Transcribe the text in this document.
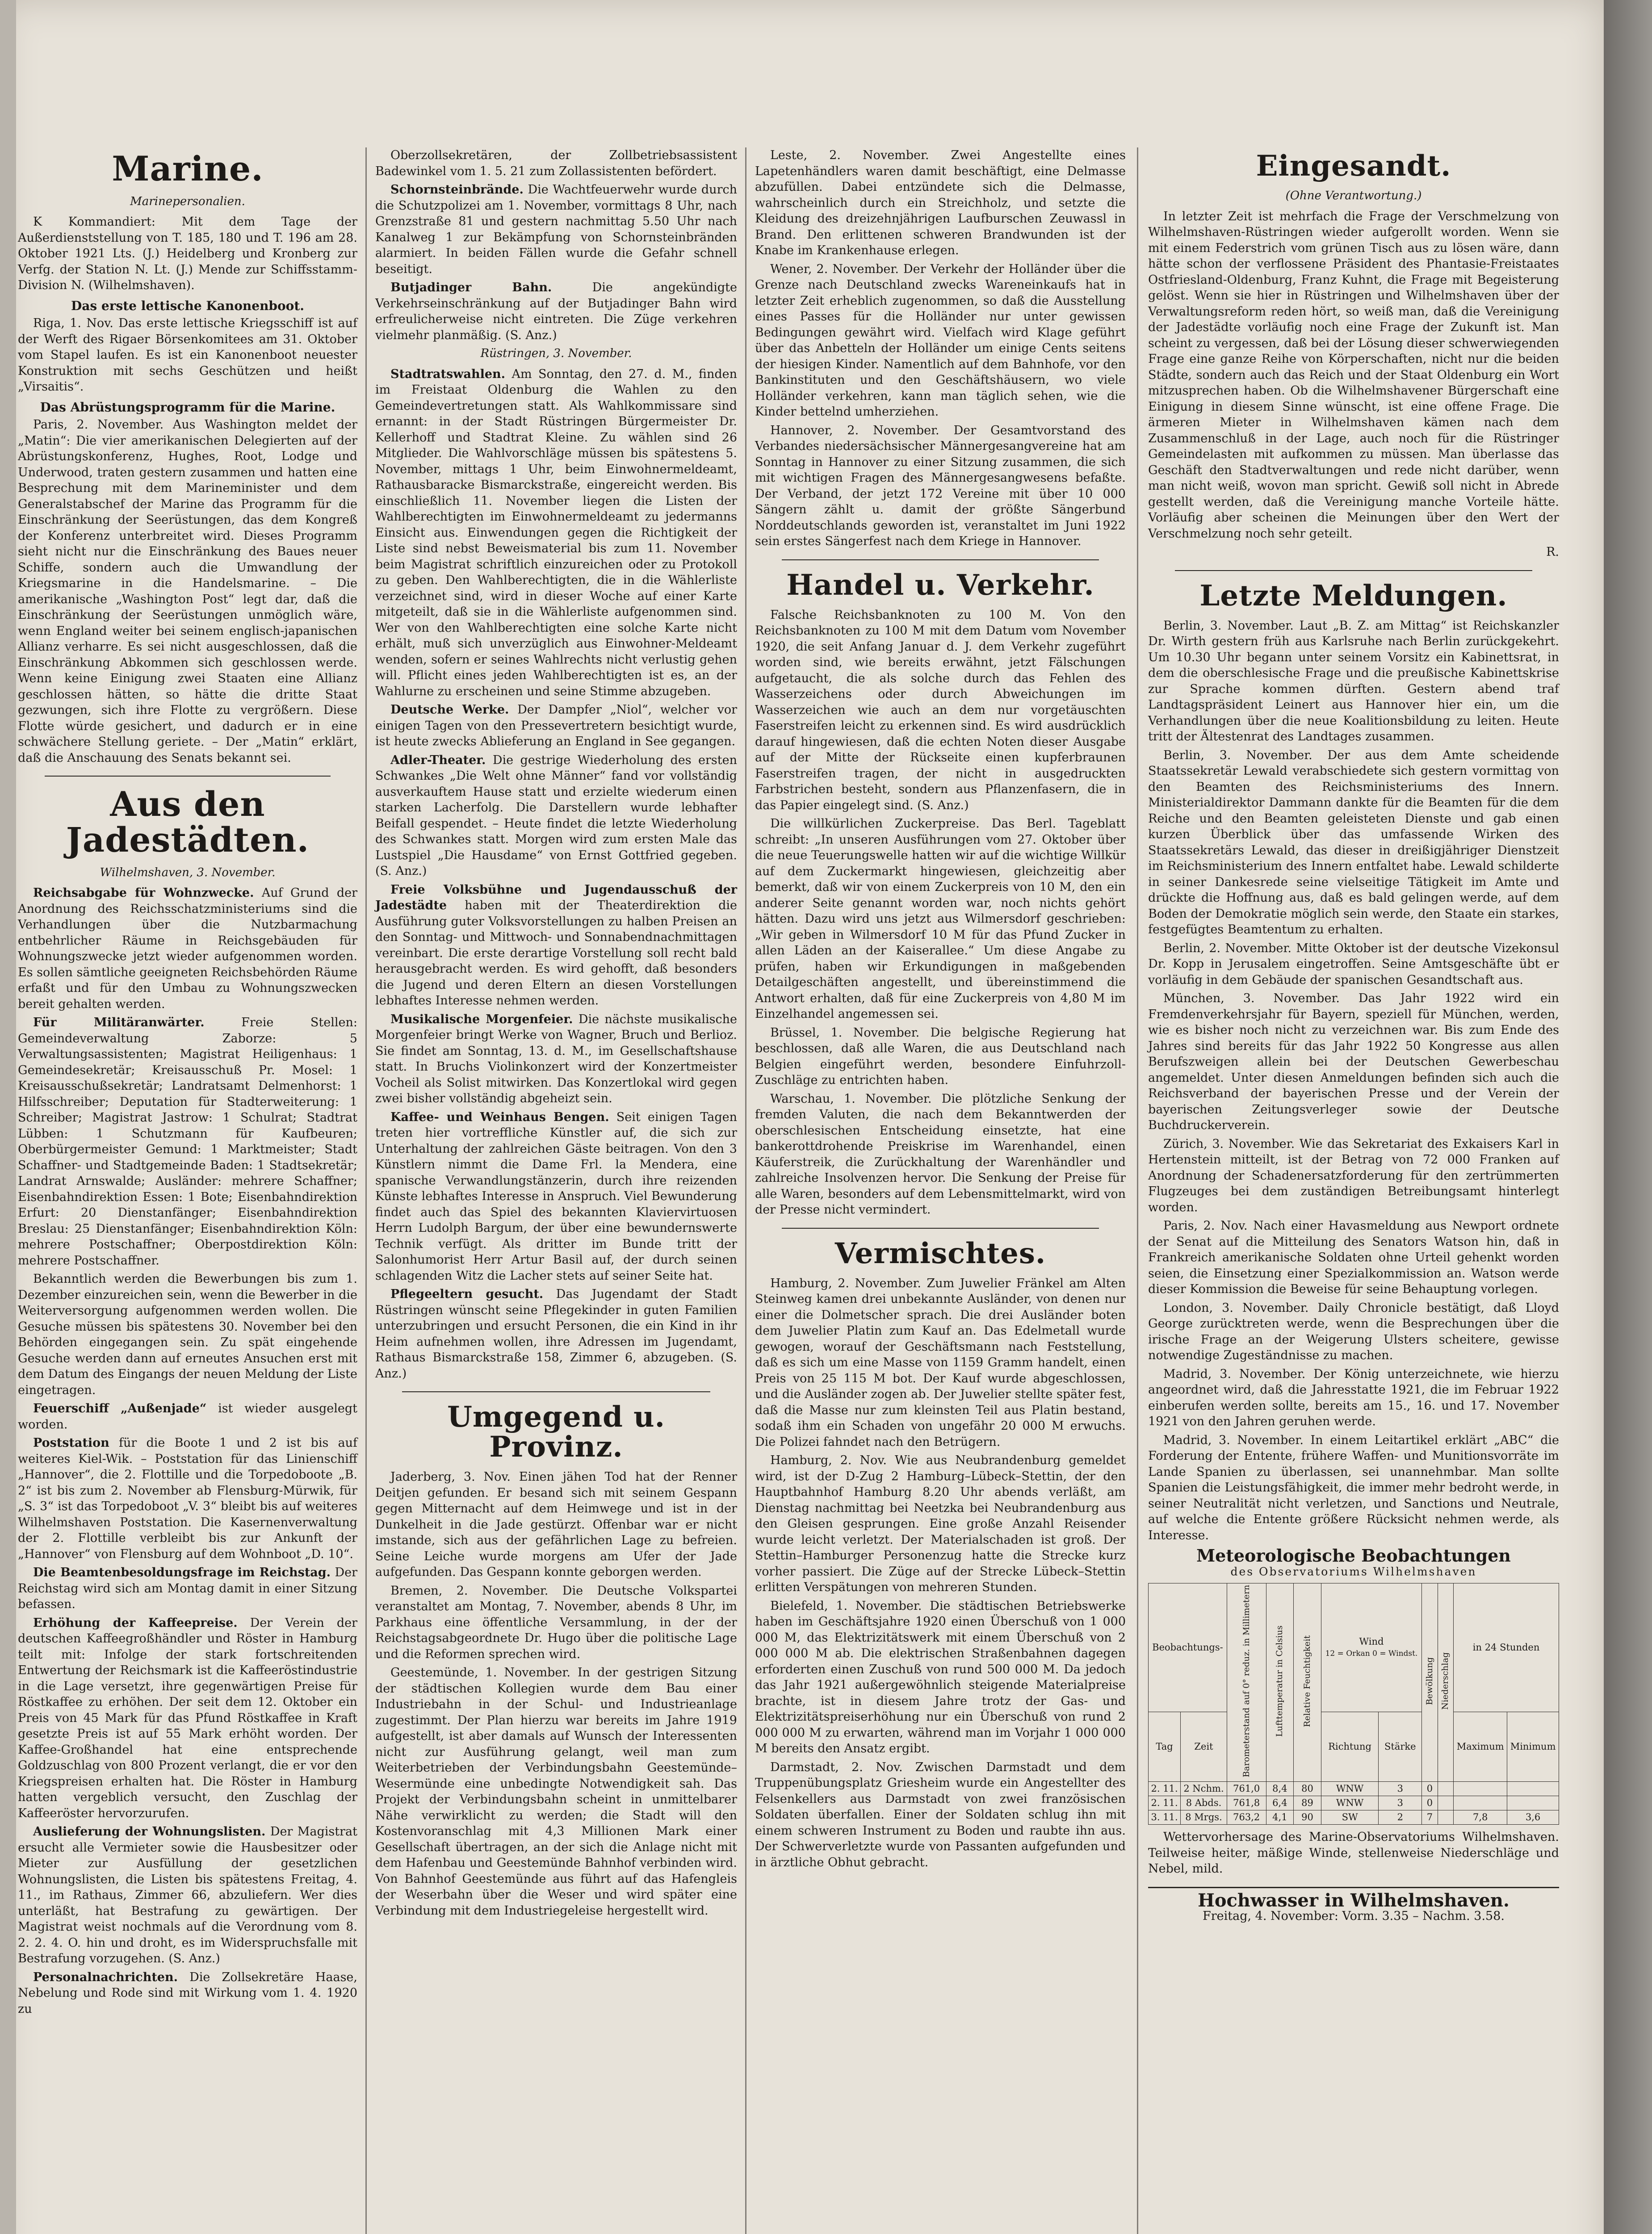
Marine.
Marinepersonalien.

K Kommandiert: Mit dem Tage der Außerdienststellung von T. 185, 180 und T. 196 am 28. Oktober 1921 Lts. (J.) Heidelberg und Kronberg zur Verfg. der Station N. Lt. (J.) Mende zur Schiffsstamm-Division N. (Wilhelmshaven).

Das erste lettische Kanonenboot.

Riga, 1. Nov. Das erste lettische Kriegsschiff ist auf der Werft des Rigaer Börsenkomitees am 31. Oktober vom Stapel laufen. Es ist ein Kanonenboot neuester Konstruktion mit sechs Geschützen und heißt „Virsaitis“.

Das Abrüstungsprogramm für die Marine.

Paris, 2. November. Aus Washington meldet der „Matin“: Die vier amerikanischen Delegierten auf der Abrüstungskonferenz, Hughes, Root, Lodge und Underwood, traten gestern zusammen und hatten eine Besprechung mit dem Marineminister und dem Generalstabschef der Marine das Programm für die Einschränkung der Seerüstungen, das dem Kongreß der Konferenz unterbreitet wird. Dieses Programm sieht nicht nur die Einschränkung des Baues neuer Schiffe, sondern auch die Umwandlung der Kriegsmarine in die Handelsmarine. – Die amerikanische „Washington Post“ legt dar, daß die Einschränkung der Seerüstungen unmöglich wäre, wenn England weiter bei seinem englisch-japanischen Allianz verharre. Es sei nicht ausgeschlossen, daß die Einschränkung Abkommen sich geschlossen werde. Wenn keine Einigung zwei Staaten eine Allianz geschlossen hätten, so hätte die dritte Staat gezwungen, sich ihre Flotte zu vergrößern. Diese Flotte würde gesichert, und dadurch er in eine schwächere Stellung geriete. – Der „Matin“ erklärt, daß die Anschauung des Senats bekannt sei.

Aus den Jadestädten.
Wilhelmshaven, 3. November.

Reichsabgabe für Wohnzwecke. Auf Grund der Anordnung des Reichsschatzministeriums sind die Verhandlungen über die Nutzbarmachung entbehrlicher Räume in Reichsgebäuden für Wohnungszwecke jetzt wieder aufgenommen worden. Es sollen sämtliche geeigneten Reichsbehörden Räume erfaßt und für den Umbau zu Wohnungszwecken bereit gehalten werden.

Für Militäranwärter.	Freie Stellen: Gemeindeverwaltung Zaborze: 5 Verwaltungsassistenten; Magistrat Heiligenhaus: 1 Gemeindesekretär; Kreisausschuß Pr. Mosel: 1 Kreisausschußsekretär; Landratsamt Delmenhorst: 1 Hilfsschreiber; Deputation für Stadterweiterung: 1 Schreiber; Magistrat Jastrow: 1 Schulrat; Stadtrat Lübben: 1 Schutzmann für Kaufbeuren; Oberbürgermeister Gemund: 1 Marktmeister; Stadt Schaffner- und Stadtgemeinde Baden: 1 Stadtsekretär; Landrat Arnswalde; Ausländer: mehrere Schaffner; Eisenbahndirektion Essen: 1 Bote; Eisenbahndirektion Erfurt: 20 Dienstanfänger; Eisenbahndirektion Breslau: 25 Dienstanfänger; Eisenbahndirektion Köln: mehrere Postschaffner; Oberpostdirektion Köln: mehrere Postschaffner.

Bekanntlich werden die Bewerbungen bis zum 1. Dezember einzureichen sein, wenn die Bewerber in die Weiterversorgung aufgenommen werden wollen. Die Gesuche müssen bis spätestens 30. November bei den Behörden eingegangen sein. Zu spät eingehende Gesuche werden dann auf erneutes Ansuchen erst mit dem Datum des Eingangs der neuen Meldung der Liste eingetragen.

Feuerschiff „Außenjade“ ist wieder ausgelegt worden.

Poststation für die Boote 1 und 2 ist bis auf weiteres Kiel-Wik. – Poststation für das Linienschiff „Hannover“, die 2. Flottille und die Torpedoboote „B. 2“ ist bis zum 2. November ab Flensburg-Mürwik, für „S. 3“ ist das Torpedoboot „V. 3“ bleibt bis auf weiteres Wilhelmshaven Poststation. Die Kasernenverwaltung der 2. Flottille verbleibt bis zur Ankunft der „Hannover“ von Flensburg auf dem Wohnboot „D. 10“.

Die Beamtenbesoldungsfrage im Reichstag. Der Reichstag wird sich am Montag damit in einer Sitzung befassen.

Erhöhung der Kaffeepreise. Der Verein der deutschen Kaffeegroßhändler und Röster in Hamburg teilt mit: Infolge der stark fortschreitenden Entwertung der Reichsmark ist die Kaffeeröstindustrie in die Lage versetzt, ihre gegenwärtigen Preise für Röstkaffee zu erhöhen. Der seit dem 12. Oktober ein Preis von 45 Mark für das Pfund Röstkaffee in Kraft gesetzte Preis ist auf 55 Mark erhöht worden. Der Kaffee-Großhandel hat eine entsprechende Goldzuschlag von 800 Prozent verlangt, die er vor den Kriegspreisen erhalten hat. Die Röster in Hamburg hatten vergeblich versucht, den Zuschlag der Kaffeeröster hervorzurufen.

Auslieferung der Wohnungslisten. Der Magistrat ersucht alle Vermieter sowie die Hausbesitzer oder Mieter zur Ausfüllung der gesetzlichen Wohnungslisten, die Listen bis spätestens Freitag, 4. 11., im Rathaus, Zimmer 66, abzuliefern. Wer dies unterläßt, hat Bestrafung zu gewärtigen. Der Magistrat weist nochmals auf die Verordnung vom 8. 2. 2. 4. O. hin und droht, es im Widerspruchsfalle mit Bestrafung vorzugehen. (S. Anz.)

Personalnachrichten. Die Zollsekretäre Haase, Nebelung und Rode sind mit Wirkung vom 1. 4. 1920 zu

Oberzollsekretären, der Zollbetriebsassistent Badewinkel vom 1. 5. 21 zum Zollassistenten befördert.

Schornsteinbrände. Die Wachtfeuerwehr wurde durch die Schutzpolizei am 1. November, vormittags 8 Uhr, nach Grenzstraße 81 und gestern nachmittag 5.50 Uhr nach Kanalweg 1 zur Bekämpfung von Schornsteinbränden alarmiert. In beiden Fällen wurde die Gefahr schnell beseitigt.

Butjadinger Bahn.	Die angekündigte Verkehrseinschränkung auf der Butjadinger Bahn wird erfreulicherweise nicht eintreten. Die Züge verkehren vielmehr planmäßig. (S. Anz.)

Rüstringen, 3. November.

Stadtratswahlen. Am Sonntag, den 27. d. M., finden im Freistaat Oldenburg die Wahlen zu den Gemeindevertretungen statt. Als Wahlkommissare sind ernannt: in der Stadt Rüstringen Bürgermeister Dr. Kellerhoff und Stadtrat Kleine. Zu wählen sind 26 Mitglieder. Die Wahlvorschläge müssen bis spätestens 5. November, mittags 1 Uhr, beim Einwohnermeldeamt, Rathausbaracke Bismarckstraße, eingereicht werden. Bis einschließlich 11. November liegen die Listen der Wahlberechtigten im Einwohnermeldeamt zu jedermanns Einsicht aus. Einwendungen gegen die Richtigkeit der Liste sind nebst Beweismaterial bis zum 11. November beim Magistrat schriftlich einzureichen oder zu Protokoll zu geben. Den Wahlberechtigten, die in die Wählerliste verzeichnet sind, wird in dieser Woche auf einer Karte mitgeteilt, daß sie in die Wählerliste aufgenommen sind. Wer von den Wahlberechtigten eine solche Karte nicht erhält, muß sich unverzüglich aus Einwohner-Meldeamt wenden, sofern er seines Wahlrechts nicht verlustig gehen will. Pflicht eines jeden Wahlberechtigten ist es, an der Wahlurne zu erscheinen und seine Stimme abzugeben.

Deutsche Werke. Der Dampfer „Niol“, welcher vor einigen Tagen von den Pressevertretern besichtigt wurde, ist heute zwecks Ablieferung an England in See gegangen.

Adler-Theater. Die gestrige Wiederholung des ersten Schwankes „Die Welt ohne Männer“ fand vor vollständig ausverkauftem Hause statt und erzielte wiederum einen starken Lacherfolg. Die Darstellern wurde lebhafter Beifall gespendet. – Heute findet die letzte Wiederholung des Schwankes statt. Morgen wird zum ersten Male das Lustspiel „Die Hausdame“ von Ernst Gottfried gegeben. (S. Anz.)

Freie Volksbühne und Jugendausschuß der Jadestädte haben mit der Theaterdirektion die Ausführung guter Volksvorstellungen zu halben Preisen an den Sonntag- und Mittwoch- und Sonnabendnachmittagen vereinbart. Die erste derartige Vorstellung soll recht bald herausgebracht werden. Es wird gehofft, daß besonders die Jugend und deren Eltern an diesen Vorstellungen lebhaftes Interesse nehmen werden.

Musikalische Morgenfeier. Die nächste musikalische Morgenfeier bringt Werke von Wagner, Bruch und Berlioz. Sie findet am Sonntag, 13. d. M., im Gesellschaftshause statt. In Bruchs Violinkonzert wird der Konzertmeister Vocheil als Solist mitwirken. Das Konzertlokal wird gegen zwei bisher vollständig abgeheizt sein.

Kaffee- und Weinhaus Bengen. Seit einigen Tagen treten hier vortreffliche Künstler auf, die sich zur Unterhaltung der zahlreichen Gäste beitragen. Von den 3 Künstlern nimmt die Dame Frl. la Mendera, eine spanische Verwandlungstänzerin, durch ihre reizenden Künste lebhaftes Interesse in Anspruch. Viel Bewunderung findet auch das Spiel des bekannten Klaviervirtuosen Herrn Ludolph Bargum, der über eine bewundernswerte Technik verfügt. Als dritter im Bunde tritt der Salonhumorist Herr Artur Basil auf, der durch seinen schlagenden Witz die Lacher stets auf seiner Seite hat.

Pflegeeltern gesucht. Das Jugendamt der Stadt Rüstringen wünscht seine Pflegekinder in guten Familien unterzubringen und ersucht Personen, die ein Kind in ihr Heim aufnehmen wollen, ihre Adressen im Jugendamt, Rathaus Bismarckstraße 158, Zimmer 6, abzugeben. (S. Anz.)

Umgegend u. Provinz.

Jaderberg, 3. Nov. Einen jähen Tod hat der Renner Deitjen gefunden. Er besand sich mit seinem Gespann gegen Mitternacht auf dem Heimwege und ist in der Dunkelheit in die Jade gestürzt. Offenbar war er nicht imstande, sich aus der gefährlichen Lage zu befreien. Seine Leiche wurde morgens am Ufer der Jade aufgefunden. Das Gespann konnte geborgen werden.

Bremen, 2. November. Die Deutsche Volkspartei veranstaltet am Montag, 7. November, abends 8 Uhr, im Parkhaus eine öffentliche Versammlung, in der der Reichstagsabgeordnete Dr. Hugo über die politische Lage und die Reformen sprechen wird.

Geestemünde, 1. November. In der gestrigen Sitzung der städtischen Kollegien wurde dem Bau einer Industriebahn in der Schul- und Industrieanlage zugestimmt. Der Plan hierzu war bereits im Jahre 1919 aufgestellt, ist aber damals auf Wunsch der Interessenten nicht zur Ausführung gelangt, weil man zum Weiterbetrieben der Verbindungsbahn Geestemünde–Wesermünde eine unbedingte Notwendigkeit sah. Das Projekt der Verbindungsbahn scheint in unmittelbarer Nähe verwirklicht zu werden; die Stadt will den Kostenvoranschlag mit 4,3 Millionen Mark einer Gesellschaft übertragen, an der sich die Anlage nicht mit dem Hafenbau und Geestemünde Bahnhof verbinden wird. Von Bahnhof Geestemünde aus führt auf das Hafengleis der Weserbahn über die Weser und wird später eine Verbindung mit dem Industriegeleise hergestellt wird.

Leste, 2. November. Zwei Angestellte eines Lapetenhändlers waren damit beschäftigt, eine Delmasse abzufüllen. Dabei entzündete sich die Delmasse, wahrscheinlich durch ein Streichholz, und setzte die Kleidung des dreizehnjährigen Laufburschen Zeuwassl in Brand. Den erlittenen schweren Brandwunden ist der Knabe im Krankenhause erlegen.

Wener, 2. November. Der Verkehr der Holländer über die Grenze nach Deutschland zwecks Wareneinkaufs hat in letzter Zeit erheblich zugenommen, so daß die Ausstellung eines Passes für die Holländer nur unter gewissen Bedingungen gewährt wird. Vielfach wird Klage geführt über das Anbetteln der Holländer um einige Cents seitens der hiesigen Kinder. Namentlich auf dem Bahnhofe, vor den Bankinstituten und den Geschäftshäusern, wo viele Holländer verkehren, kann man täglich sehen, wie die Kinder bettelnd umherziehen.

Hannover, 2. November. Der Gesamtvorstand des Verbandes niedersächsischer Männergesangvereine hat am Sonntag in Hannover zu einer Sitzung zusammen, die sich mit wichtigen Fragen des Männergesangwesens befaßte. Der Verband, der jetzt 172 Vereine mit über 10 000 Sängern zählt u. damit der größte Sängerbund Norddeutschlands geworden ist, veranstaltet im Juni 1922 sein erstes Sängerfest nach dem Kriege in Hannover.

Handel u. Verkehr.

Falsche Reichsbanknoten zu 100 M. Von den Reichsbanknoten zu 100 M mit dem Datum vom November 1920, die seit Anfang Januar d. J. dem Verkehr zugeführt worden sind, wie bereits erwähnt, jetzt Fälschungen aufgetaucht, die als solche durch das Fehlen des Wasserzeichens oder durch Abweichungen im Wasserzeichen wie auch an dem nur vorgetäuschten Faserstreifen leicht zu erkennen sind. Es wird ausdrücklich darauf hingewiesen, daß die echten Noten dieser Ausgabe auf der Mitte der Rückseite einen kupferbraunen Faserstreifen tragen, der nicht in ausgedruckten Farbstrichen besteht, sondern aus Pflanzenfasern, die in das Papier eingelegt sind. (S. Anz.)

Die willkürlichen Zuckerpreise. Das Berl. Tageblatt schreibt: „In unseren Ausführungen vom 27. Oktober über die neue Teuerungswelle hatten wir auf die wichtige Willkür auf dem Zuckermarkt hingewiesen, gleichzeitig aber bemerkt, daß wir von einem Zuckerpreis von 10 M, den ein anderer Seite genannt worden war, noch nichts gehört hätten. Dazu wird uns jetzt aus Wilmersdorf geschrieben: „Wir geben in Wilmersdorf 10 M für das Pfund Zucker in allen Läden an der Kaiserallee.“ Um diese Angabe zu prüfen, haben wir Erkundigungen in maßgebenden Detailgeschäften angestellt, und übereinstimmend die Antwort erhalten, daß für eine Zuckerpreis von 4,80 M im Einzelhandel angemessen sei.

Brüssel, 1. November. Die belgische Regierung hat beschlossen, daß alle Waren, die aus Deutschland nach Belgien eingeführt werden, besondere Einfuhrzoll-Zuschläge zu entrichten haben.

Warschau, 1. November. Die plötzliche Senkung der fremden Valuten, die nach dem Bekanntwerden der oberschlesischen Entscheidung einsetzte, hat eine bankerottdrohende Preiskrise im Warenhandel, einen Käuferstreik, die Zurückhaltung der Warenhändler und zahlreiche Insolvenzen hervor. Die Senkung der Preise für alle Waren, besonders auf dem Lebensmittelmarkt, wird von der Presse nicht vermindert.

Vermischtes.

Hamburg, 2. November. Zum Juwelier Fränkel am Alten Steinweg kamen drei unbekannte Ausländer, von denen nur einer die Dolmetscher sprach. Die drei Ausländer boten dem Juwelier Platin zum Kauf an. Das Edelmetall wurde gewogen, worauf der Geschäftsmann nach Feststellung, daß es sich um eine Masse von 1159 Gramm handelt, einen Preis von 25 115 M bot. Der Kauf wurde abgeschlossen, und die Ausländer zogen ab. Der Juwelier stellte später fest, daß die Masse nur zum kleinsten Teil aus Platin bestand, sodaß ihm ein Schaden von ungefähr 20 000 M erwuchs. Die Polizei fahndet nach den Betrügern.

Hamburg, 2. Nov. Wie aus Neubrandenburg gemeldet wird, ist der D-Zug 2 Hamburg–Lübeck–Stettin, der den Hauptbahnhof Hamburg 8.20 Uhr abends verläßt, am Dienstag nachmittag bei Neetzka bei Neubrandenburg aus den Gleisen gesprungen. Eine große Anzahl Reisender wurde leicht verletzt. Der Materialschaden ist groß. Der Stettin–Hamburger Personenzug hatte die Strecke kurz vorher passiert. Die Züge auf der Strecke Lübeck–Stettin erlitten Verspätungen von mehreren Stunden.

Bielefeld, 1. November. Die städtischen Betriebswerke haben im Geschäftsjahre 1920 einen Überschuß von 1 000 000 M, das Elektrizitätswerk mit einem Überschuß von 2 000 000 M ab. Die elektrischen Straßenbahnen dagegen erforderten einen Zuschuß von rund 500 000 M. Da jedoch das Jahr 1921 außergewöhnlich steigende Materialpreise brachte, ist in diesem Jahre trotz der Gas- und Elektrizitätspreiserhöhung nur ein Überschuß von rund 2 000 000 M zu erwarten, während man im Vorjahr 1 000 000 M bereits den Ansatz ergibt.

Darmstadt, 2. Nov. Zwischen Darmstadt und dem Truppenübungsplatz Griesheim wurde ein Angestellter des Felsenkellers aus Darmstadt von zwei französischen Soldaten überfallen. Einer der Soldaten schlug ihn mit einem schweren Instrument zu Boden und raubte ihn aus. Der Schwerverletzte wurde von Passanten aufgefunden und in ärztliche Obhut gebracht.

Eingesandt.
(Ohne Verantwortung.)

In letzter Zeit ist mehrfach die Frage der Verschmelzung von Wilhelmshaven-Rüstringen wieder aufgerollt worden. Wenn sie mit einem Federstrich vom grünen Tisch aus zu lösen wäre, dann hätte schon der verflossene Präsident des Phantasie-Freistaates Ostfriesland-Oldenburg, Franz Kuhnt, die Frage mit Begeisterung gelöst. Wenn sie hier in Rüstringen und Wilhelmshaven über der Verwaltungsreform reden hört, so weiß man, daß die Vereinigung der Jadestädte vorläufig noch eine Frage der Zukunft ist. Man scheint zu vergessen, daß bei der Lösung dieser schwerwiegenden Frage eine ganze Reihe von Körperschaften, nicht nur die beiden Städte, sondern auch das Reich und der Staat Oldenburg ein Wort mitzusprechen haben. Ob die Wilhelmshavener Bürgerschaft eine Einigung in diesem Sinne wünscht, ist eine offene Frage. Die ärmeren Mieter in Wilhelmshaven kämen nach dem Zusammenschluß in der Lage, auch noch für die Rüstringer Gemeindelasten mit aufkommen zu müssen. Man überlasse das Geschäft den Stadtverwaltungen und rede nicht darüber, wenn man nicht weiß, wovon man spricht. Gewiß soll nicht in Abrede gestellt werden, daß die Vereinigung manche Vorteile hätte. Vorläufig aber scheinen die Meinungen über den Wert der Verschmelzung noch sehr geteilt.

R.

Letzte Meldungen.

Berlin, 3. November. Laut „B. Z. am Mittag“ ist Reichskanzler Dr. Wirth gestern früh aus Karlsruhe nach Berlin zurückgekehrt. Um 10.30 Uhr begann unter seinem Vorsitz ein Kabinettsrat, in dem die oberschlesische Frage und die preußische Kabinettskrise zur Sprache kommen dürften. Gestern abend traf Landtagspräsident Leinert aus Hannover hier ein, um die Verhandlungen über die neue Koalitionsbildung zu leiten. Heute tritt der Ältestenrat des Landtages zusammen.

Berlin, 3. November. Der aus dem Amte scheidende Staatssekretär Lewald verabschiedete sich gestern vormittag von den Beamten des Reichsministeriums des Innern. Ministerialdirektor Dammann dankte für die Beamten für die dem Reiche und den Beamten geleisteten Dienste und gab einen kurzen Überblick über das umfassende Wirken des Staatssekretärs Lewald, das dieser in dreißigjähriger Dienstzeit im Reichsministerium des Innern entfaltet habe. Lewald schilderte in seiner Dankesrede seine vielseitige Tätigkeit im Amte und drückte die Hoffnung aus, daß es bald gelingen werde, auf dem Boden der Demokratie möglich sein werde, den Staate ein starkes, festgefügtes Beamtentum zu erhalten.

Berlin, 2. November. Mitte Oktober ist der deutsche Vizekonsul Dr. Kopp in Jerusalem eingetroffen. Seine Amtsgeschäfte übt er vorläufig in dem Gebäude der spanischen Gesandtschaft aus.

München, 3. November. Das Jahr 1922 wird ein Fremdenverkehrsjahr für Bayern, speziell für München, werden, wie es bisher noch nicht zu verzeichnen war. Bis zum Ende des Jahres sind bereits für das Jahr 1922 50 Kongresse aus allen Berufszweigen allein bei der Deutschen Gewerbeschau angemeldet. Unter diesen Anmeldungen befinden sich auch die Reichsverband der bayerischen Presse und der Verein der bayerischen Zeitungsverleger sowie der Deutsche Buchdruckerverein.

Zürich, 3. November. Wie das Sekretariat des Exkaisers Karl in Hertenstein mitteilt, ist der Betrag von 72 000 Franken auf Anordnung der Schadenersatzforderung für den zertrümmerten Flugzeuges bei dem zuständigen Betreibungsamt hinterlegt worden.

Paris, 2. Nov. Nach einer Havasmeldung aus Newport ordnete der Senat auf die Mitteilung des Senators Watson hin, daß in Frankreich amerikanische Soldaten ohne Urteil gehenkt worden seien, die Einsetzung einer Spezialkommission an. Watson werde dieser Kommission die Beweise für seine Behauptung vorlegen.

London, 3. November. Daily Chronicle bestätigt, daß Lloyd George zurücktreten werde, wenn die Besprechungen über die irische Frage an der Weigerung Ulsters scheitere, gewisse notwendige Zugeständnisse zu machen.

Madrid, 3. November. Der König unterzeichnete, wie hierzu angeordnet wird, daß die Jahresstatte 1921, die im Februar 1922 einberufen werden sollte, bereits am 15., 16. und 17. November 1921 von den Jahren geruhen werde.

Madrid, 3. November. In einem Leitartikel erklärt „ABC“ die Forderung der Entente, frühere Waffen- und Munitionsvorräte im Lande Spanien zu überlassen, sei unannehmbar. Man sollte Spanien die Leistungsfähigkeit, die immer mehr bedroht werde, in seiner Neutralität nicht verletzen, und Sanctions und Neutrale, auf welche die Entente größere Rücksicht nehmen werde, als Interesse.

Meteorologische Beobachtungen
des Observatoriums Wilhelmshaven
Beobachtungs-		Barometerstand auf 0° reduz. in Millimetern	Lufttemperatur in Celsius	Relative Feuchtigkeit	Wind
12 = Orkan 0 = Windst.		Bewölkung	Niederschlag	in 24 Stunden	
Tag	Zeit				Richtung	Stärke			Maximum	Minimum
2. 11.	2 Nchm.	761,0	8,4	80	WNW	3	0			
2. 11.	8 Abds.	761,8	6,4	89	WNW	3	0			
3. 11.	8 Mrgs.	763,2	4,1	90	SW	2	7		7,8	3,6

Wettervorhersage des Marine-Observatoriums Wilhelmshaven. Teilweise heiter, mäßige Winde, stellenweise Niederschläge und Nebel, mild.

Hochwasser in Wilhelmshaven.
Freitag, 4. November: Vorm. 3.35 – Nachm. 3.58.
